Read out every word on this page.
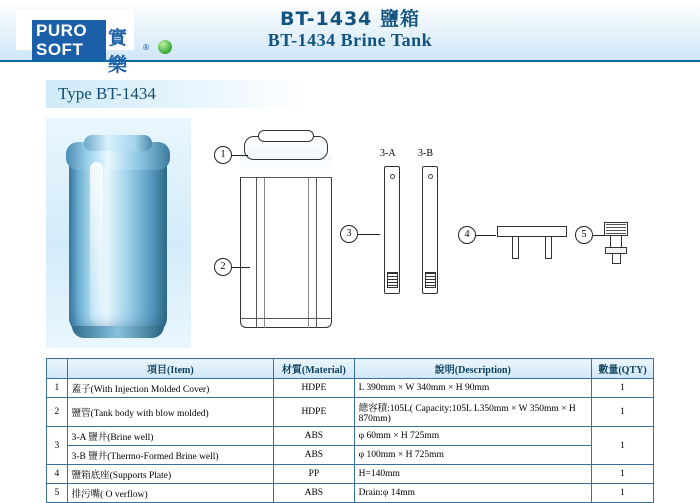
PURO
SOFT
實樂
®
BT-1434 鹽箱
BT-1434 Brine Tank
Type BT-1434
1
2
3
3-A 3-B
4	5
	項目(Item)	材質(Material)	說明(Description)	數量(QTY)
1	蓋子(With Injection Molded Cover)	HDPE	L 390mm × W 340mm × H 90mm	1
2	鹽管(Tank body with blow molded)	HDPE	總容積:105L( Capacity:105L L350mm × W 350mm × H 870mm)	1
3	3-A 鹽井(Brine well)	ABS	φ 60mm × H 725mm	1
	3-B 鹽井(Thermo-Formed Brine well)	ABS	φ 100mm × H 725mm	
4	鹽箱底座(Supports Plate)	PP	H=140mm	1
5	排污嘴( O verflow)	ABS	Drain:φ 14mm	1
